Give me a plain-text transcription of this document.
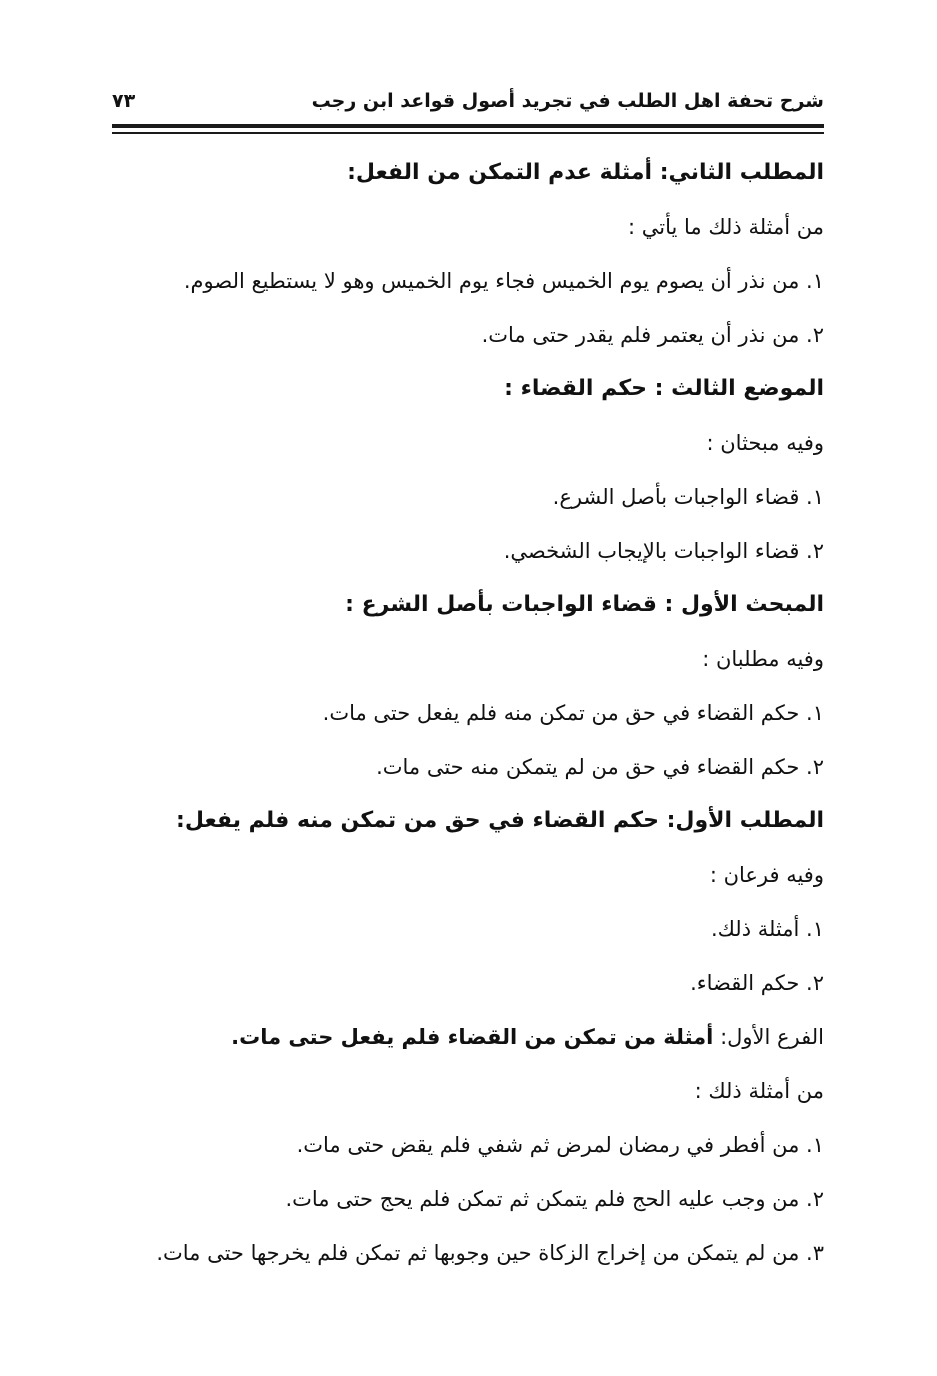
شرح تحفة اهل الطلب في تجريد أصول قواعد ابن رجب
٧٣
المطلب الثاني: أمثلة عدم التمكن من الفعل:
من أمثلة ذلك ما يأتي :
١. من نذر أن يصوم يوم الخميس فجاء يوم الخميس وهو لا يستطيع الصوم.
٢. من نذر أن يعتمر فلم يقدر حتى مات.
الموضع الثالث : حكم القضاء :
وفيه مبحثان :
١. قضاء الواجبات بأصل الشرع.
٢. قضاء الواجبات بالإيجاب الشخصي.
المبحث الأول : قضاء الواجبات بأصل الشرع :
وفيه مطلبان :
١. حكم القضاء في حق من تمكن منه فلم يفعل حتى مات.
٢. حكم القضاء في حق من لم يتمكن منه حتى مات.
المطلب الأول: حكم القضاء في حق من تمكن منه فلم يفعل:
وفيه فرعان :
١. أمثلة ذلك.
٢. حكم القضاء.
الفرع الأول: أمثلة من تمكن من القضاء فلم يفعل حتى مات.
من أمثلة ذلك :
١. من أفطر في رمضان لمرض ثم شفي فلم يقض حتى مات.
٢. من وجب عليه الحج فلم يتمكن ثم تمكن فلم يحج حتى مات.
٣. من لم يتمكن من إخراج الزكاة حين وجوبها ثم تمكن فلم يخرجها حتى مات.
